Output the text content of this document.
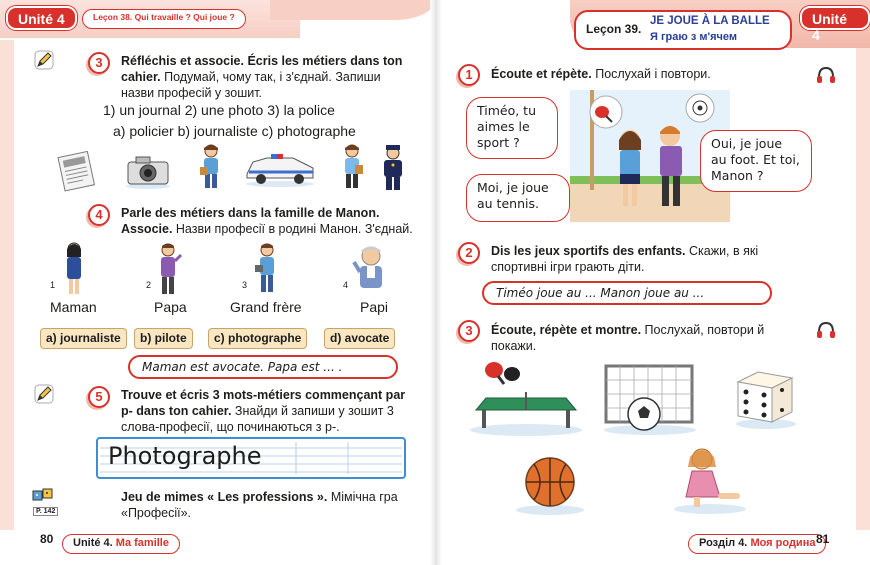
Unité 4	Leçon 38. Qui travaille ? Qui joue ?
3	Réfléchis et associe. Écris les métiers dans ton cahier. Подумай, чому так, і з'єднай. Запиши назви професій у зошит.
1) un journal 2) une photo 3) la police
a) policier b) journaliste c) photographe
4	Parle des métiers dans la famille de Manon. Associe. Назви професії в родині Манон. З'єднай.
1
Maman
2
Papa
3
Grand frère
4
Papi
a) journaliste	b) pilote	c) photographe	d) avocate
Maman est avocate. Papa est ... .
5	Trouve et écris 3 mots-métiers commençant par p- dans ton cahier. Знайди й запиши у зошит 3 слова-професії, що починаються з р-.
Photographe
P. 142
Jeu de mimes « Les professions ». Мімічна гра «Професії».
80	Unité 4. Ma famille
Leçon 39.
JE JOUE À LA BALLE
Я граю з м'ячем
Unité 4
1	Écoute et répète. Послухай і повтори.
Timéo, tu aimes le sport ?
Moi, je joue au tennis.
Oui, je joue au foot. Et toi, Manon ?
2	Dis les jeux sportifs des enfants. Скажи, в які спортивні ігри грають діти.
Timéo joue au ... Manon joue au ...
3	Écoute, répète et montre. Послухай, повтори й покажи.
Розділ 4. Моя родина 81
